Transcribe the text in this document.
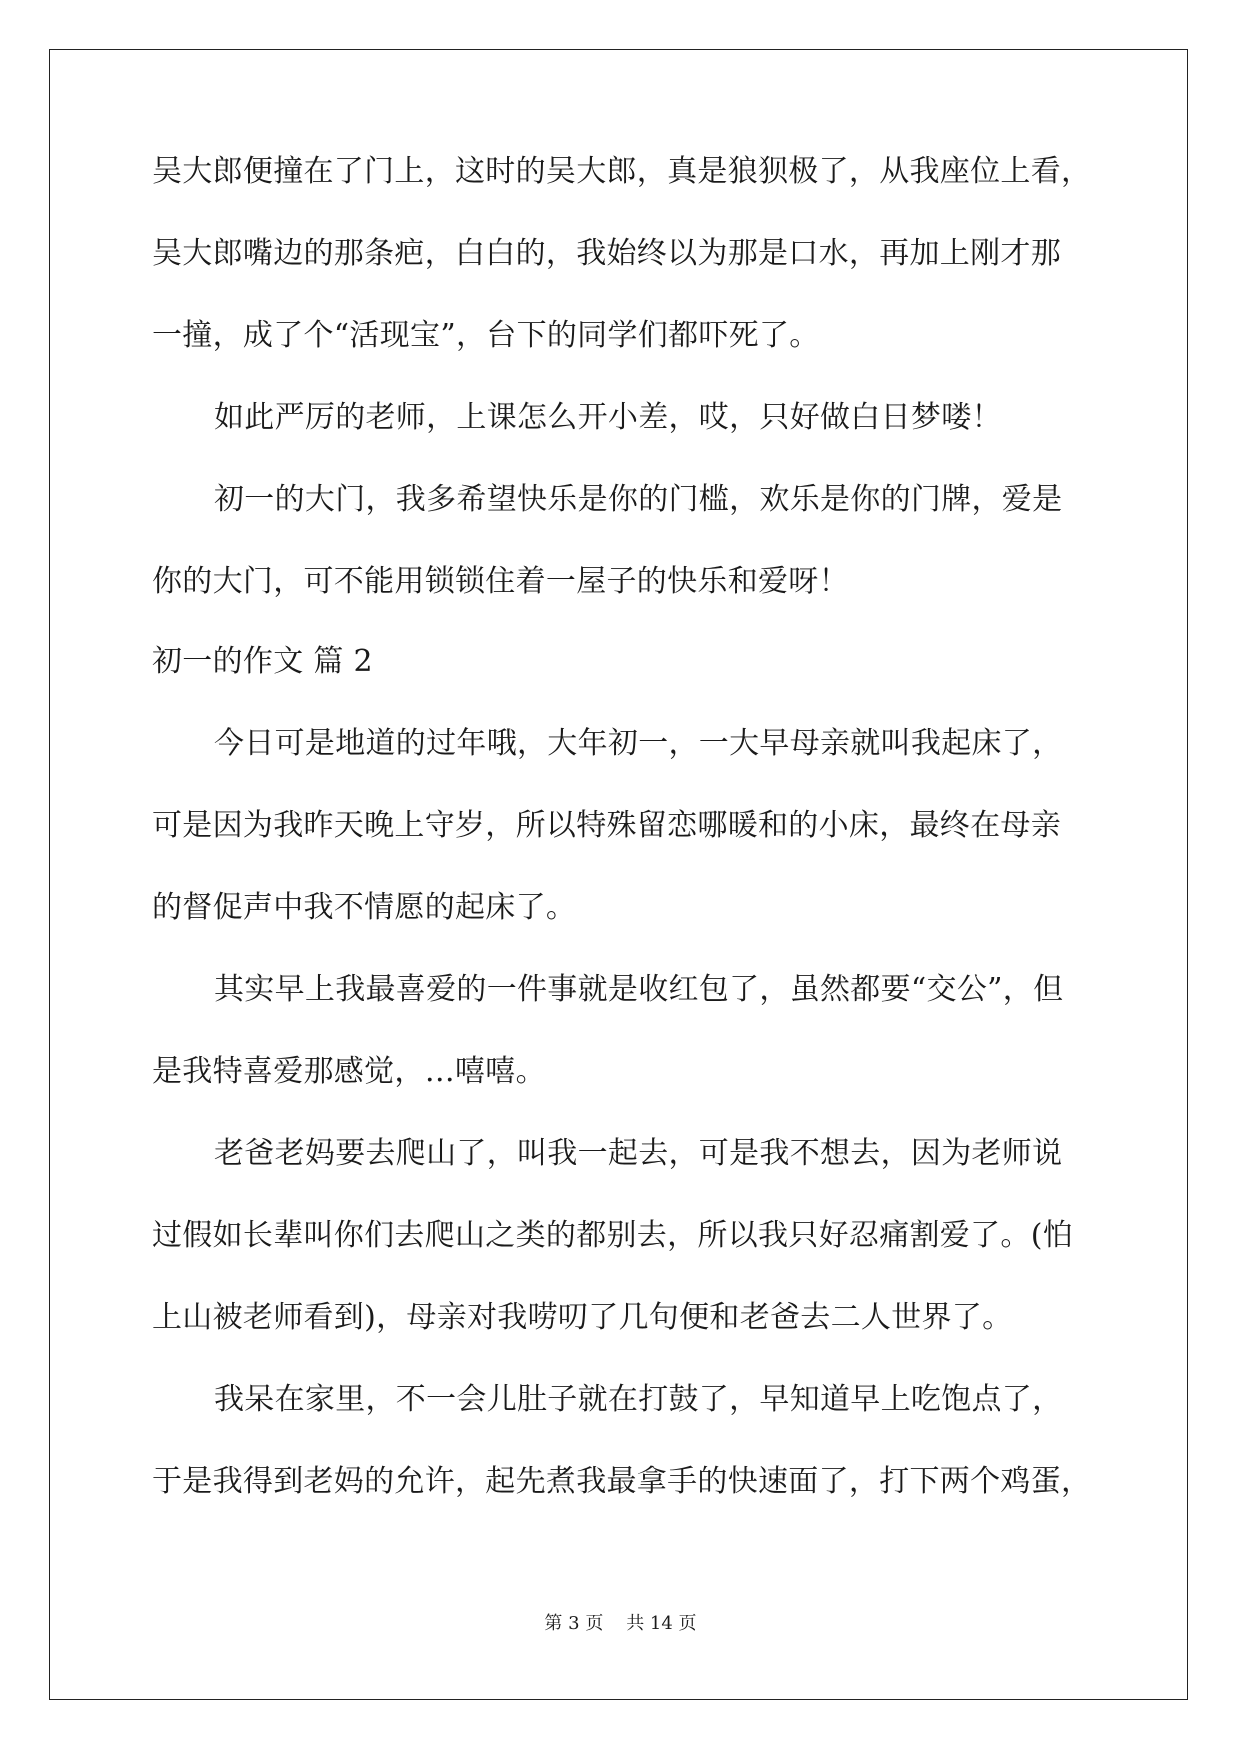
吴大郎便撞在了门上，这时的吴大郎，真是狼狈极了，从我座位上看，
吴大郎嘴边的那条疤，白白的，我始终以为那是口水，再加上刚才那
一撞，成了个“活现宝”，台下的同学们都吓死了。
如此严厉的老师，上课怎么开小差，哎，只好做白日梦喽！
初一的大门，我多希望快乐是你的门槛，欢乐是你的门牌，爱是
你的大门，可不能用锁锁住着一屋子的快乐和爱呀！
初一的作文 篇 2
今日可是地道的过年哦，大年初一，一大早母亲就叫我起床了，
可是因为我昨天晚上守岁，所以特殊留恋哪暖和的小床，最终在母亲
的督促声中我不情愿的起床了。
其实早上我最喜爱的一件事就是收红包了，虽然都要“交公”，但
是我特喜爱那感觉，…嘻嘻。
老爸老妈要去爬山了，叫我一起去，可是我不想去，因为老师说
过假如长辈叫你们去爬山之类的都别去，所以我只好忍痛割爱了。(怕
上山被老师看到)，母亲对我唠叨了几句便和老爸去二人世界了。
我呆在家里，不一会儿肚子就在打鼓了，早知道早上吃饱点了，
于是我得到老妈的允许，起先煮我最拿手的快速面了，打下两个鸡蛋，
第 3 页    共 14 页
